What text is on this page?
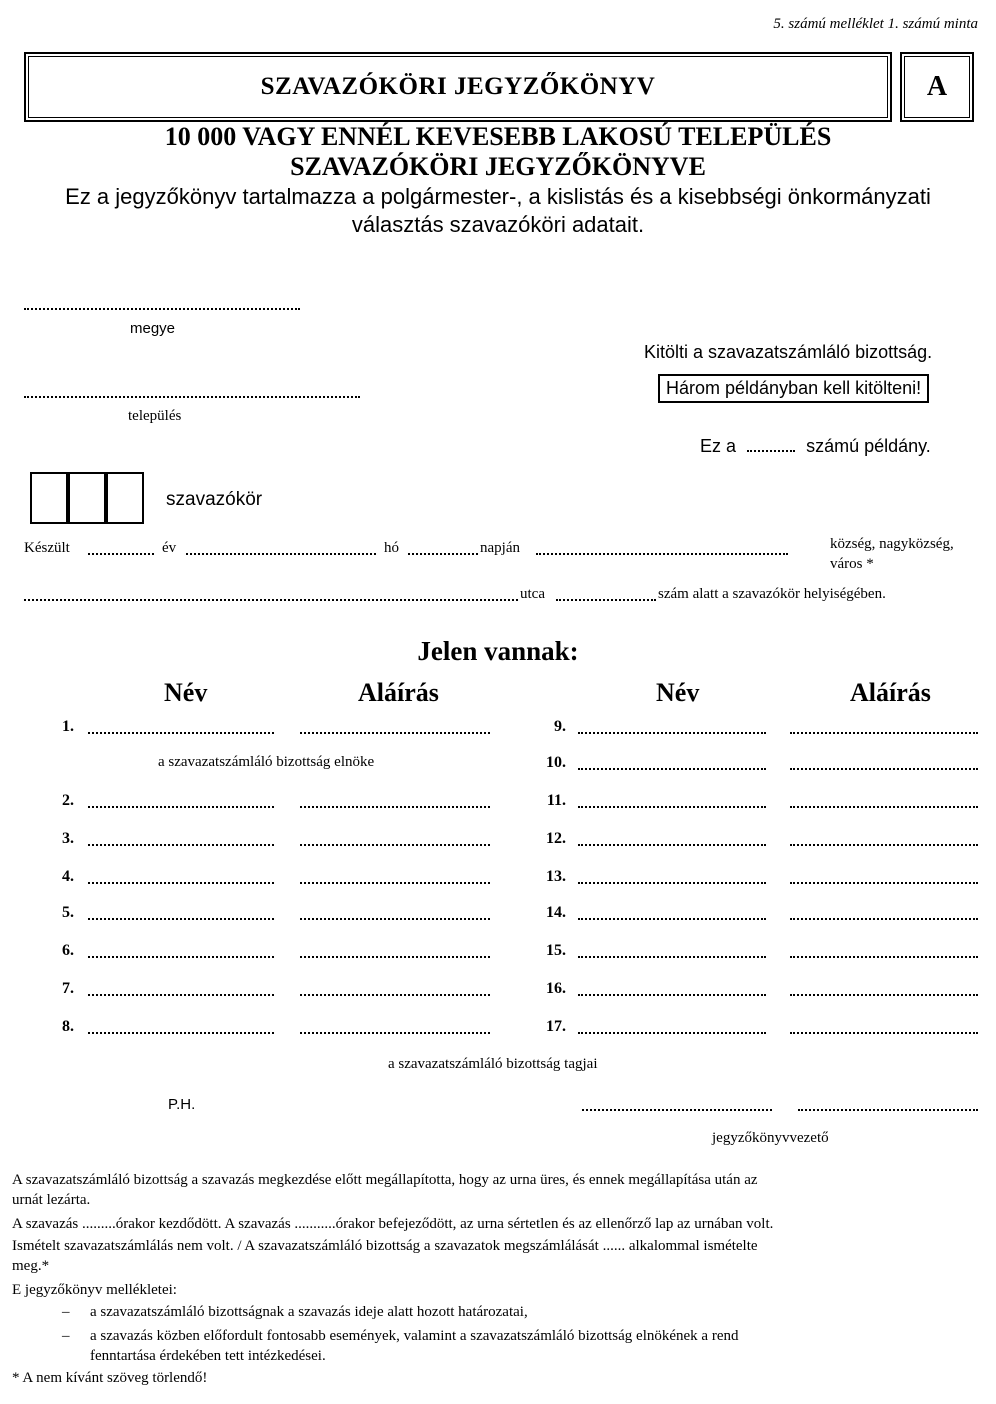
5. számú melléklet 1. számú minta
SZAVAZÓKÖRI JEGYZŐKÖNYV	A
10 000 VAGY ENNÉL KEVESEBB LAKOSÚ TELEPÜLÉS
SZAVAZÓKÖRI JEGYZŐKÖNYVE
Ez a jegyzőkönyv tartalmazza a polgármester-, a kislistás és a kisebbségi önkormányzati
választás szavazóköri adatait.
megye
település
Kitölti a szavazatszámláló bizottság.
Három példányban kell kitölteni!
Ez a	számú példány.
szavazókör
Készült	év	hó	napján	község, nagyközség,
város *
utca	szám alatt a szavazókör helyiségében.
Jelen vannak:
Név	Aláírás	Név	Aláírás
1.
a szavazatszámláló bizottság elnöke
2.
3.
4.
5.
6.
7.
8.
9.
10.
11.
12.
13.
14.
15.
16.
17.
a szavazatszámláló bizottság tagjai
P.H.
jegyzőkönyvvezető
A szavazatszámláló bizottság a szavazás megkezdése előtt megállapította, hogy az urna üres, és ennek megállapítása után az
urnát lezárta.
A szavazás .........órakor kezdődött. A szavazás ...........órakor befejeződött, az urna sértetlen és az ellenőrző lap az urnában volt.
Ismételt szavazatszámlálás nem volt. / A szavazatszámláló bizottság a szavazatok megszámlálását ...... alkalommal ismételte
meg.*
E jegyzőkönyv mellékletei:
– a szavazatszámláló bizottságnak a szavazás ideje alatt hozott határozatai,
– a szavazás közben előfordult fontosabb események, valamint a szavazatszámláló bizottság elnökének a rend
fenntartása érdekében tett intézkedései.
* A nem kívánt szöveg törlendő!
